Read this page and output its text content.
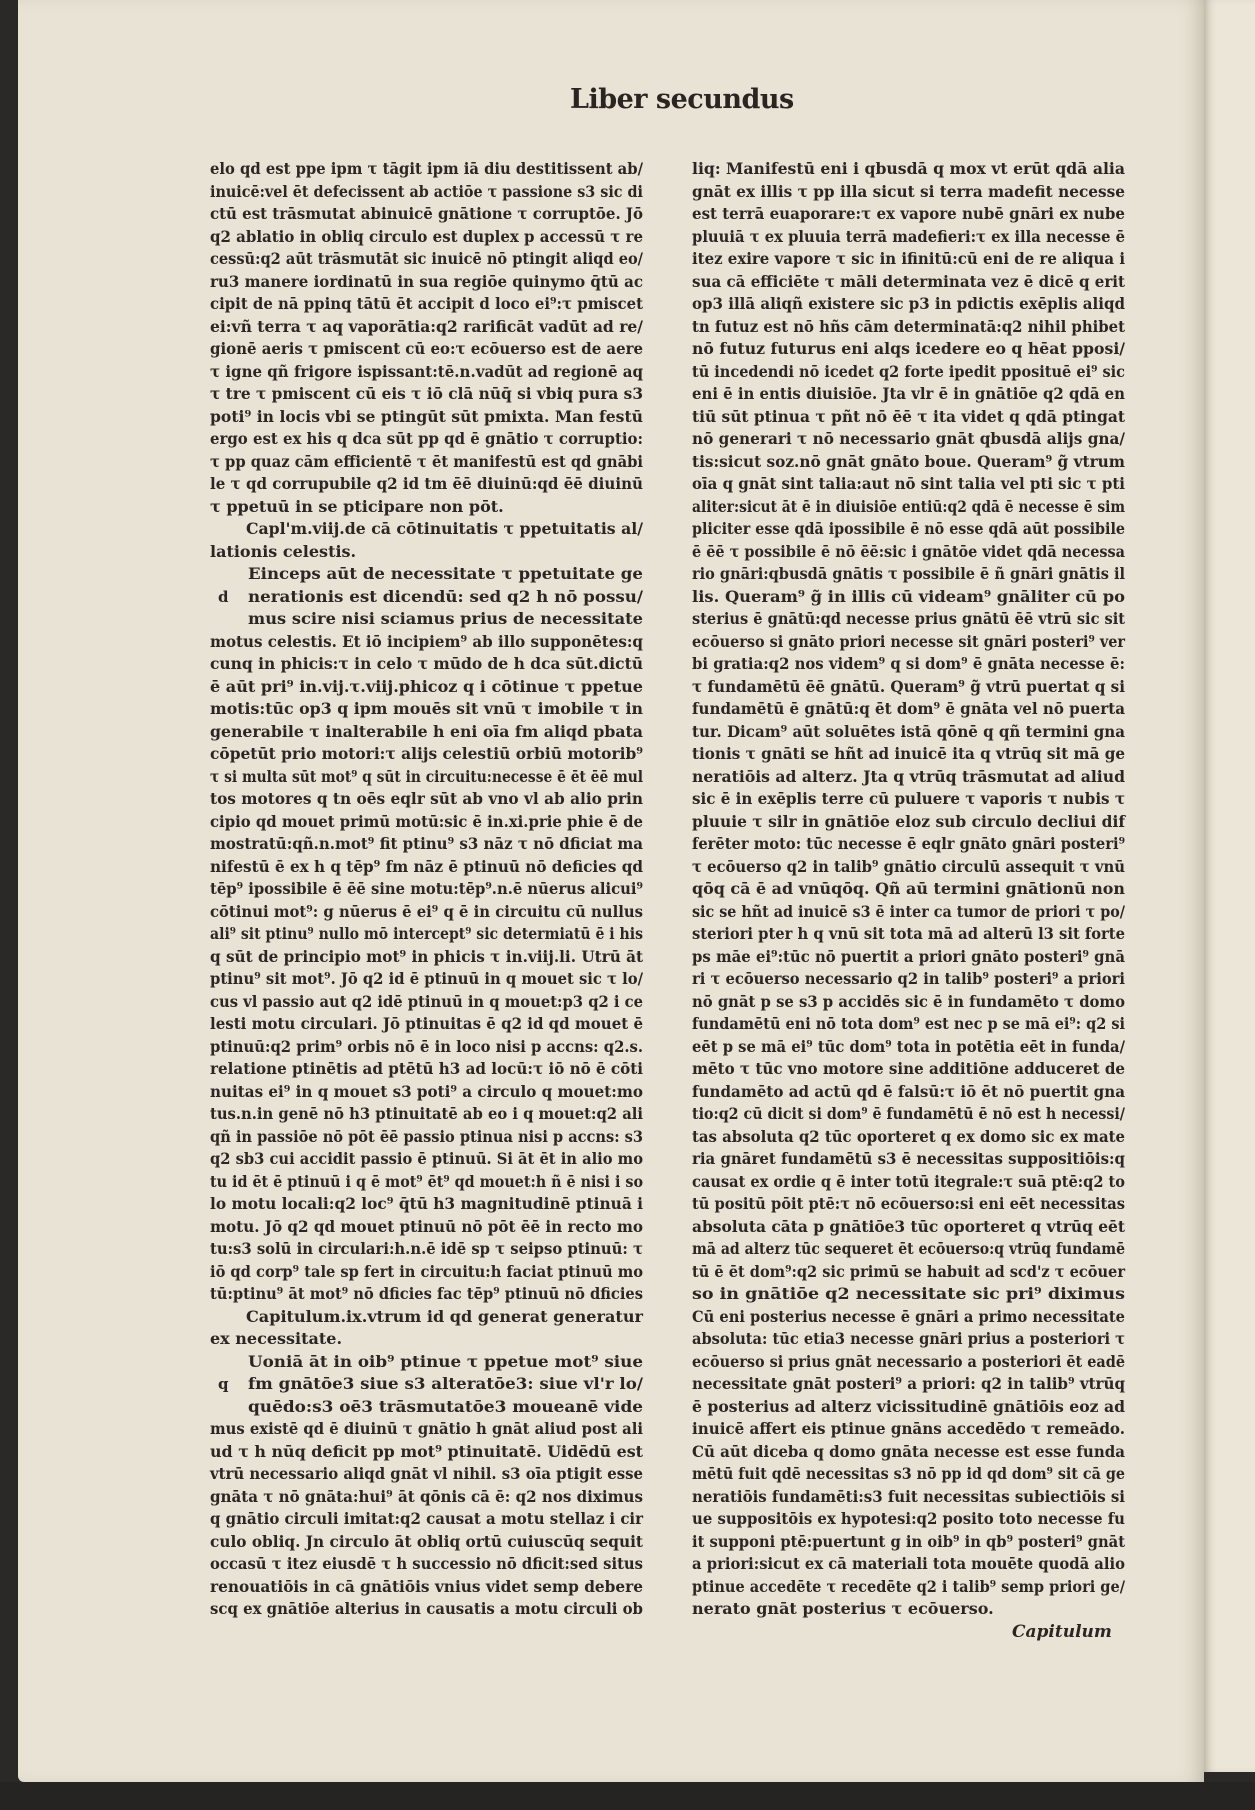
Liber secundus
elo qd est ppe ipm τ tāgit ipm iā diu destitissent ab/
inuicē:vel ēt defecissent ab actiōe τ passione s3 sic di
ctū est trāsmutat abinuicē gnātione τ corruptōe. Jō
q2 ablatio in obliq circulo est duplex p accessū τ re
cessū:q2 aūt trāsmutāt sic inuicē nō ptingit aliqd eo/
ru3 manere iordinatū in sua regiōe quinymo q̄tū ac
cipit de nā ppinq tātū ēt accipit d loco ei⁹:τ pmiscet
ei:vñ terra τ aq vaporātia:q2 rarificāt vadūt ad re/
gionē aeris τ pmiscent cū eo:τ ecōuerso est de aere
τ igne qñ frigore ispissant:tē.n.vadūt ad regionē aq
τ tre τ pmiscent cū eis τ iō clā nūq̄ si vbiq pura s3
poti⁹ in locis vbi se ptingūt sūt pmixta. Man festū
ergo est ex his q dca sūt pp qd ē gnātio τ corruptio:
τ pp quaz cām efficientē τ ēt manifestū est qd gnābi
le τ qd corrupubile q2 id tm ēē diuinū:qd ēē diuinū
τ ppetuū in se pticipare non pōt.
Capl'm.viij.de cā cōtinuitatis τ ppetuitatis al/
lationis celestis.
Einceps aūt de necessitate τ ppetuitate ge
nerationis est dicendū: sed q2 h nō possu/
d
mus scire nisi sciamus prius de necessitate
motus celestis. Et iō incipiem⁹ ab illo supponētes:q
cunq in phicis:τ in celo τ mūdo de h dca sūt.dictū
ē aūt pri⁹ in.vij.τ.viij.phicoz q i cōtinue τ ppetue
motis:tūc op3 q ipm mouēs sit vnū τ imobile τ in
generabile τ inalterabile h eni oīa fm aliqd pbata
cōpetūt prio motori:τ alijs celestiū orbiū motorib⁹
τ si multa sūt mot⁹ q sūt in circuitu:necesse ē ēt ēē mul
tos motores q tn oēs eqlr sūt ab vno vl ab alio prin
cipio qd mouet primū motū:sic ē in.xi.prie phie ē de
mostratū:qñ.n.mot⁹ fit ptinu⁹ s3 nāz τ nō dficiat ma
nifestū ē ex h q tēp⁹ fm nāz ē ptinuū nō deficies qd
tēp⁹ ipossibile ē ēē sine motu:tēp⁹.n.ē nūerus alicui⁹
cōtinui mot⁹: g nūerus ē ei⁹ q ē in circuitu cū nullus
ali⁹ sit ptinu⁹ nullo mō intercept⁹ sic determiatū ē i his
q sūt de principio mot⁹ in phicis τ in.viij.li. Utrū āt
ptinu⁹ sit mot⁹. Jō q2 id ē ptinuū in q mouet sic τ lo/
cus vl passio aut q2 idē ptinuū in q mouet:p3 q2 i ce
lesti motu circulari. Jō ptinuitas ē q2 id qd mouet ē
ptinuū:q2 prim⁹ orbis nō ē in loco nisi p accns: q2.s.
relatione ptinētis ad ptētū h3 ad locū:τ iō nō ē cōti
nuitas ei⁹ in q mouet s3 poti⁹ a circulo q mouet:mo
tus.n.in genē nō h3 ptinuitatē ab eo i q mouet:q2 ali
qñ in passiōe nō pōt ēē passio ptinua nisi p accns: s3
q2 sb3 cui accidit passio ē ptinuū. Si āt ēt in alio mo
tu id ēt ē ptinuū i q ē mot⁹ ēt⁹ qd mouet:h ñ ē nisi i so
lo motu locali:q2 loc⁹ q̄tū h3 magnitudinē ptinuā i
motu. Jō q2 qd mouet ptinuū nō pōt ēē in recto mo
tu:s3 solū in circulari:h.n.ē idē sp τ seipso ptinuū: τ
iō qd corp⁹ tale sp fert in circuitu:h faciat ptinuū mo
tū:ptinu⁹ āt mot⁹ nō dficies fac tēp⁹ ptinuū nō dficies
Capitulum.ix.vtrum id qd generat generatur
ex necessitate.
Uoniā āt in oib⁹ ptinue τ ppetue mot⁹ siue
fm gnātōe3 siue s3 alteratōe3: siue vl'r lo/
q
quēdo:s3 oē3 trāsmutatōe3 moueanē vide
mus existē qd ē diuinū τ gnātio h gnāt aliud post ali
ud τ h nūq deficit pp mot⁹ ptinuitatē. Uidēdū est
vtrū necessario aliqd gnāt vl nihil. s3 oīa ptigit esse
gnāta τ nō gnāta:hui⁹ āt qōnis cā ē: q2 nos diximus
q gnātio circuli imitat:q2 causat a motu stellaz i cir
culo obliq. Jn circulo āt obliq ortū cuiuscūq sequit
occasū τ itez eiusdē τ h successio nō dficit:sed situs
renouatiōis in cā gnātiōis vnius videt semp debere
scq ex gnātiōe alterius in causatis a motu circuli ob
liq: Manifestū eni i qbusdā q mox vt erūt qdā alia
gnāt ex illis τ pp illa sicut si terra madefit necesse
est terrā euaporare:τ ex vapore nubē gnāri ex nube
pluuiā τ ex pluuia terrā madefieri:τ ex illa necesse ē
itez exire vapore τ sic in ifinitū:cū eni de re aliqua i
sua cā efficiēte τ māli determinata vez ē dicē q erit
op3 illā aliqñ existere sic p3 in pdictis exēplis aliqd
tn futuz est nō hñs cām determinatā:q2 nihil phibet
nō futuz futurus eni alqs icedere eo q hēat pposi/
tū incedendi nō icedet q2 forte ipedit pposituē ei⁹ sic
eni ē in entis diuisiōe. Jta vlr ē in gnātiōe q2 qdā en
tiū sūt ptinua τ pñt nō ēē τ ita videt q qdā ptingat
nō generari τ nō necessario gnāt qbusdā alijs gna/
tis:sicut soz.nō gnāt gnāto boue. Queram⁹ g̃ vtrum
oīa q gnāt sint talia:aut nō sint talia vel pti sic τ pti
aliter:sicut āt ē in diuisiōe entiū:q2 qdā ē necesse ē sim
pliciter esse qdā ipossibile ē nō esse qdā aūt possibile
ē ēē τ possibile ē nō ēē:sic i gnātōe videt qdā necessa
rio gnāri:qbusdā gnātis τ possibile ē ñ gnāri gnātis il
lis. Queram⁹ g̃ in illis cū videam⁹ gnāliter cū po
sterius ē gnātū:qd necesse prius gnātū ēē vtrū sic sit
ecōuerso si gnāto priori necesse sit gnāri posteri⁹ ver
bi gratia:q2 nos videm⁹ q si dom⁹ ē gnāta necesse ē:
τ fundamētū ēē gnātū. Queram⁹ g̃ vtrū puertat q si
fundamētū ē gnātū:q ēt dom⁹ ē gnāta vel nō puerta
tur. Dicam⁹ aūt soluētes istā qōnē q qñ termini gna
tionis τ gnāti se hñt ad inuicē ita q vtrūq sit mā ge
neratiōis ad alterz. Jta q vtrūq trāsmutat ad aliud
sic ē in exēplis terre cū puluere τ vaporis τ nubis τ
pluuie τ silr in gnātiōe eloz sub circulo decliui dif
ferēter moto: tūc necesse ē eqlr gnāto gnāri posteri⁹
τ ecōuerso q2 in talib⁹ gnātio circulū assequit τ vnū
qōq cā ē ad vnūqōq. Qñ aū termini gnātionū non
sic se hñt ad inuicē s3 ē inter ca tumor de priori τ po/
steriori pter h q vnū sit tota mā ad alterū l3 sit forte
ps māe ei⁹:tūc nō puertit a priori gnāto posteri⁹ gnā
ri τ ecōuerso necessario q2 in talib⁹ posteri⁹ a priori
nō gnāt p se s3 p accidēs sic ē in fundamēto τ domo
fundamētū eni nō tota dom⁹ est nec p se mā ei⁹: q2 si
eēt p se mā ei⁹ tūc dom⁹ tota in potētia eēt in funda/
mēto τ tūc vno motore sine additiōne adduceret de
fundamēto ad actū qd ē falsū:τ iō ēt nō puertit gna
tio:q2 cū dicit si dom⁹ ē fundamētū ē nō est h necessi/
tas absoluta q2 tūc oporteret q ex domo sic ex mate
ria gnāret fundamētū s3 ē necessitas suppositiōis:q
causat ex ordie q ē inter totū itegrale:τ suā ptē:q2 to
tū positū pōit ptē:τ nō ecōuerso:si eni eēt necessitas
absoluta cāta p gnātiōe3 tūc oporteret q vtrūq eēt
mā ad alterz tūc sequeret ēt ecōuerso:q vtrūq fundamē
tū ē ēt dom⁹:q2 sic primū se habuit ad scd'z τ ecōuer
so in gnātiōe q2 necessitate sic pri⁹ diximus
Cū eni posterius necesse ē gnāri a primo necessitate
absoluta: tūc etia3 necesse gnāri prius a posteriori τ
ecōuerso si prius gnāt necessario a posteriori ēt eadē
necessitate gnāt posteri⁹ a priori: q2 in talib⁹ vtrūq
ē posterius ad alterz vicissitudinē gnātiōis eoz ad
inuicē affert eis ptinue gnāns accedēdo τ remeādo.
Cū aūt diceba q domo gnāta necesse est esse funda
mētū fuit qdē necessitas s3 nō pp id qd dom⁹ sit cā ge
neratiōis fundamēti:s3 fuit necessitas subiectiōis si
ue suppositōis ex hypotesi:q2 posito toto necesse fu
it supponi ptē:puertunt g in oib⁹ in qb⁹ posteri⁹ gnāt
a priori:sicut ex cā materiali tota mouēte quodā alio
ptinue accedēte τ recedēte q2 i talib⁹ semp priori ge/
nerato gnāt posterius τ ecōuerso.
Capitulum
